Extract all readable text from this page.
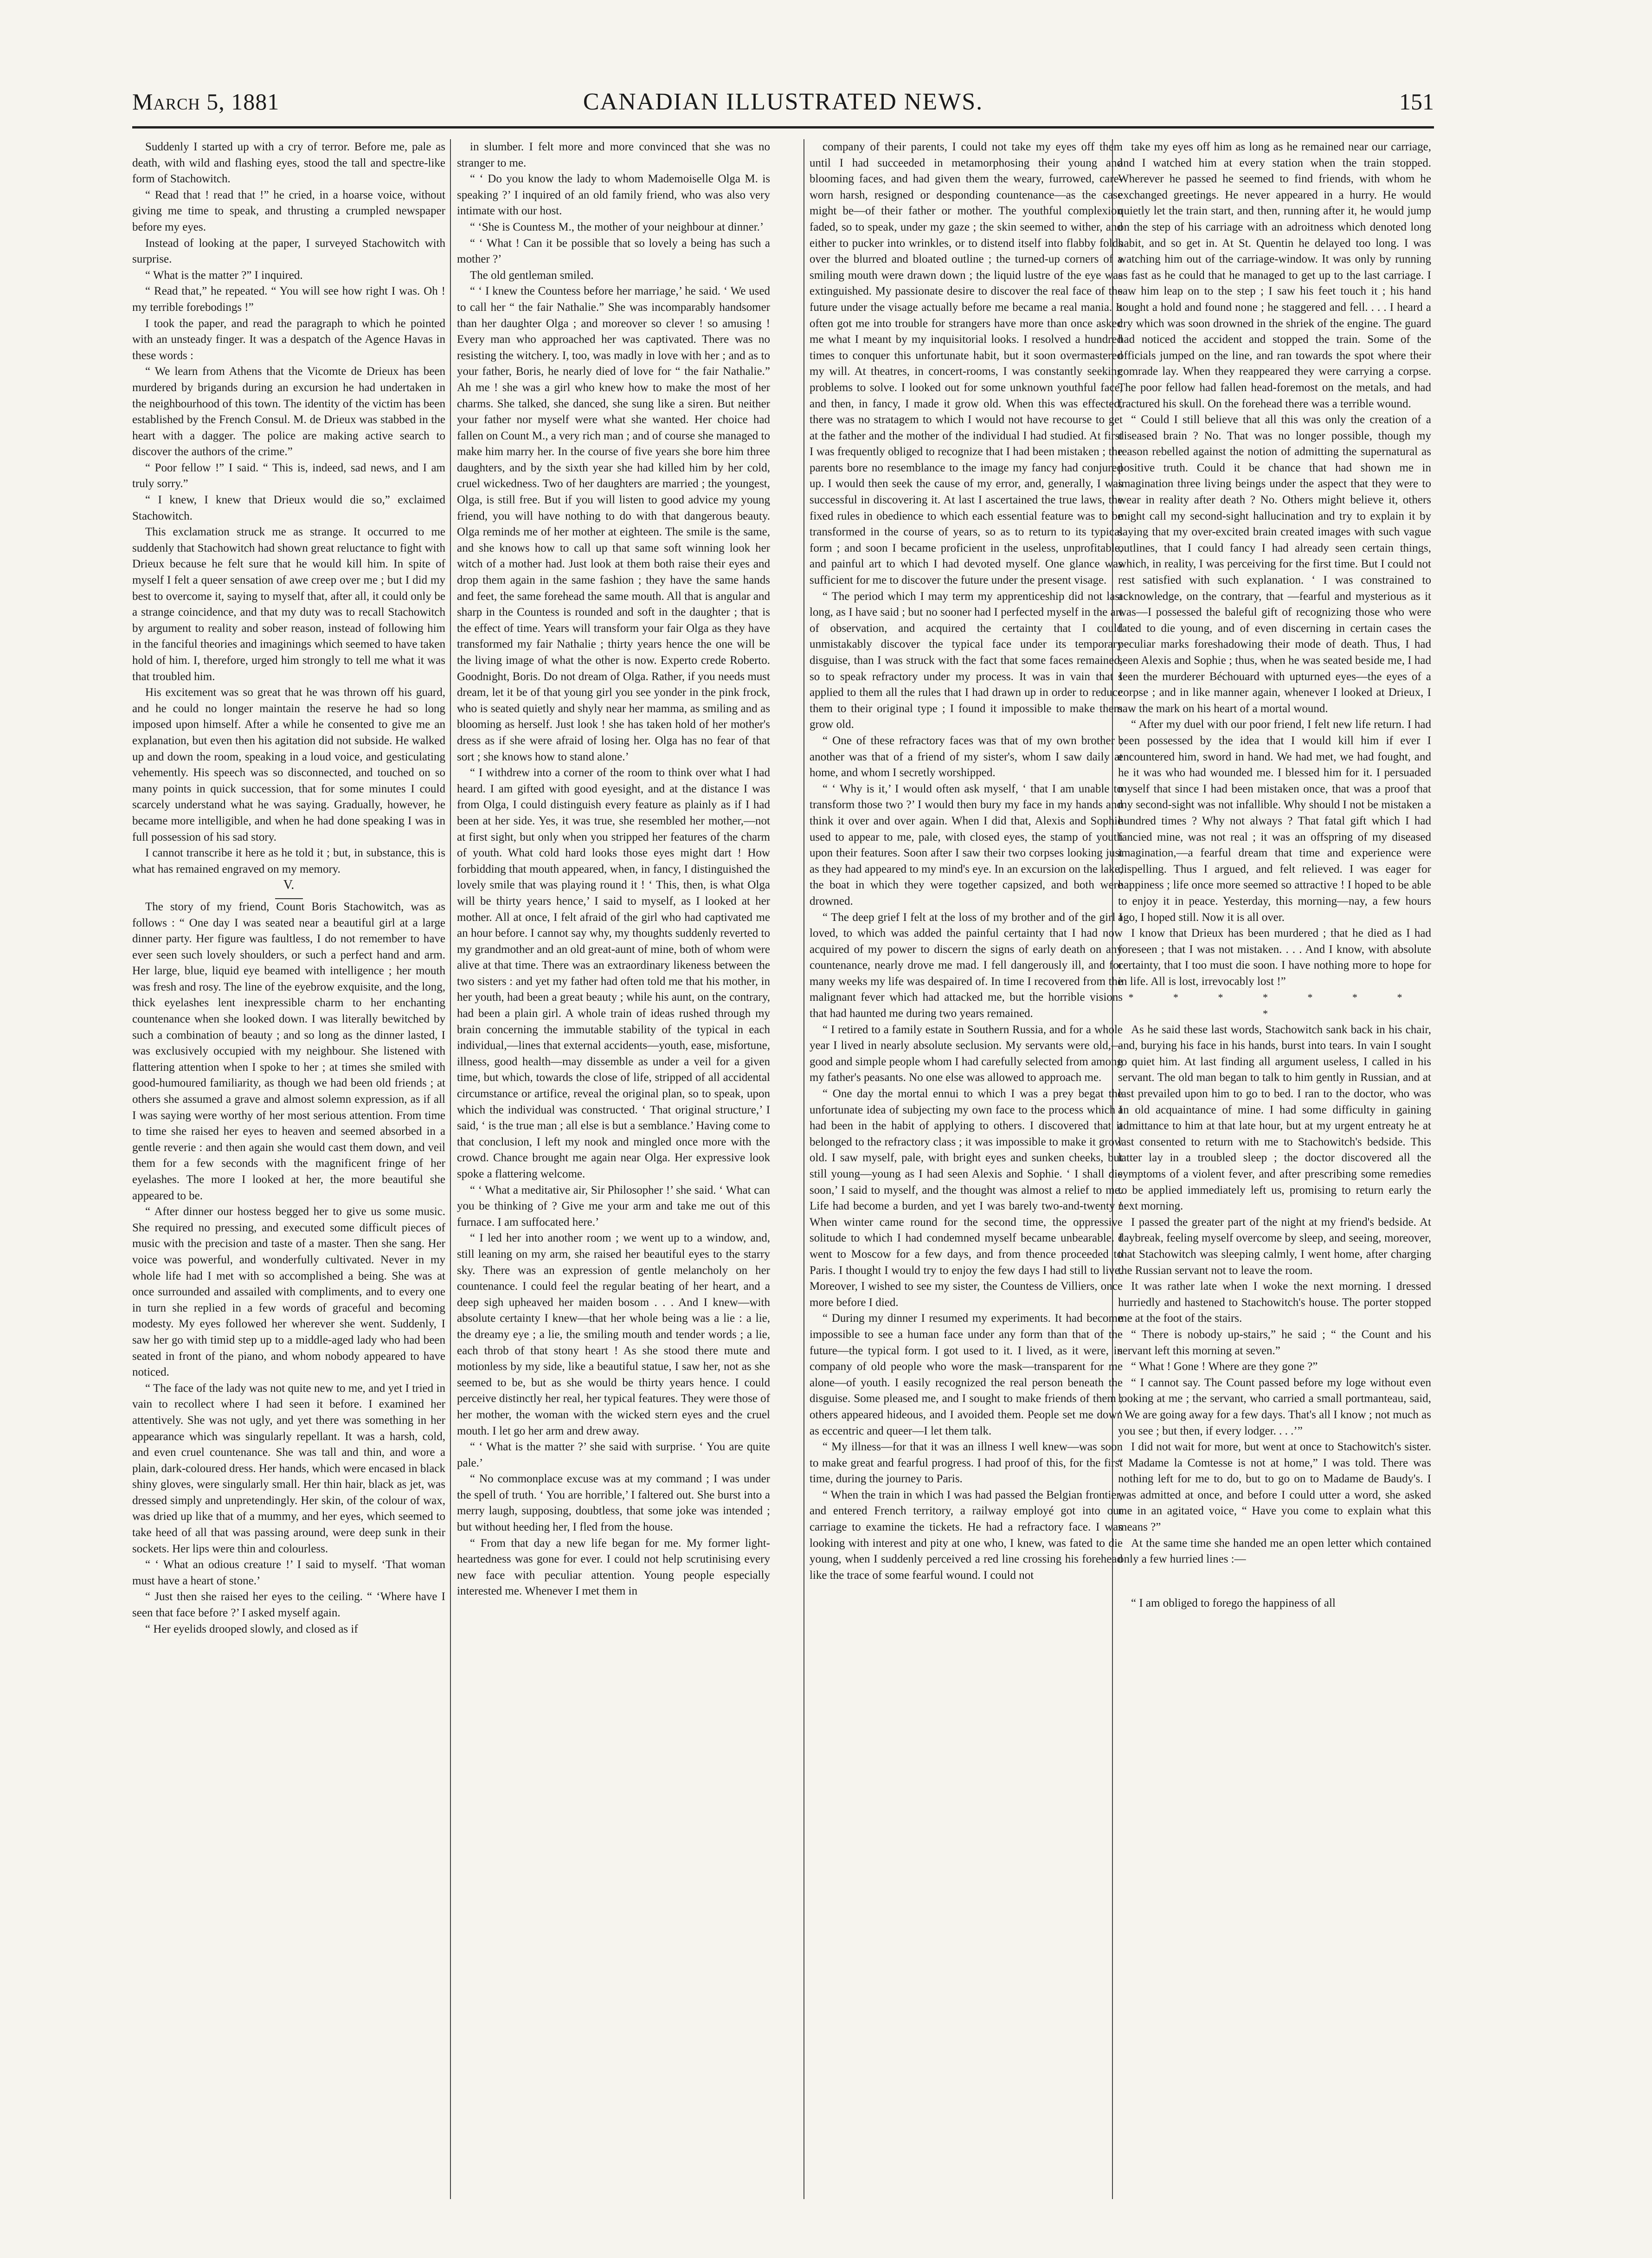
March 5, 1881	CANADIAN ILLUSTRATED NEWS.	151

Suddenly I started up with a cry of terror. Before me, pale as death, with wild and flashing eyes, stood the tall and spectre-like form of Stachowitch.

“ Read that ! read that !” he cried, in a hoarse voice, without giving me time to speak, and thrusting a crumpled newspaper before my eyes.

Instead of looking at the paper, I surveyed Stachowitch with surprise.

“ What is the matter ?” I inquired.

“ Read that,” he repeated. “ You will see how right I was. Oh ! my terrible forebodings !”

I took the paper, and read the paragraph to which he pointed with an unsteady finger. It was a despatch of the Agence Havas in these words :

“ We learn from Athens that the Vicomte de Drieux has been murdered by brigands during an excursion he had undertaken in the neighbourhood of this town. The identity of the victim has been established by the French Consul. M. de Drieux was stabbed in the heart with a dagger. The police are making active search to discover the authors of the crime.”

“ Poor fellow !” I said. “ This is, indeed, sad news, and I am truly sorry.”

“ I knew, I knew that Drieux would die so,” exclaimed Stachowitch.

This exclamation struck me as strange. It occurred to me suddenly that Stachowitch had shown great reluctance to fight with Drieux because he felt sure that he would kill him. In spite of myself I felt a queer sensation of awe creep over me ; but I did my best to overcome it, saying to myself that, after all, it could only be a strange coincidence, and that my duty was to recall Stachowitch by argument to reality and sober reason, instead of following him in the fanciful theories and imaginings which seemed to have taken hold of him. I, therefore, urged him strongly to tell me what it was that troubled him.

His excitement was so great that he was thrown off his guard, and he could no longer maintain the reserve he had so long imposed upon himself. After a while he consented to give me an explanation, but even then his agitation did not subside. He walked up and down the room, speaking in a loud voice, and gesticulating vehemently. His speech was so disconnected, and touched on so many points in quick succession, that for some minutes I could scarcely understand what he was saying. Gradually, however, he became more intelligible, and when he had done speaking I was in full possession of his sad story.

I cannot transcribe it here as he told it ; but, in substance, this is what has remained engraved on my memory.

V.

The story of my friend, Count Boris Stachowitch, was as follows : “ One day I was seated near a beautiful girl at a large dinner party. Her figure was faultless, I do not remember to have ever seen such lovely shoulders, or such a perfect hand and arm. Her large, blue, liquid eye beamed with intelligence ; her mouth was fresh and rosy. The line of the eyebrow exquisite, and the long, thick eyelashes lent inexpressible charm to her enchanting countenance when she looked down. I was literally bewitched by such a combination of beauty ; and so long as the dinner lasted, I was exclusively occupied with my neighbour. She listened with flattering attention when I spoke to her ; at times she smiled with good-humoured familiarity, as though we had been old friends ; at others she assumed a grave and almost solemn expression, as if all I was saying were worthy of her most serious attention. From time to time she raised her eyes to heaven and seemed absorbed in a gentle reverie : and then again she would cast them down, and veil them for a few seconds with the magnificent fringe of her eyelashes. The more I looked at her, the more beautiful she appeared to be.

“ After dinner our hostess begged her to give us some music. She required no pressing, and executed some difficult pieces of music with the precision and taste of a master. Then she sang. Her voice was powerful, and wonderfully cultivated. Never in my whole life had I met with so accomplished a being. She was at once surrounded and assailed with compliments, and to every one in turn she replied in a few words of graceful and becoming modesty. My eyes followed her wherever she went. Suddenly, I saw her go with timid step up to a middle-aged lady who had been seated in front of the piano, and whom nobody appeared to have noticed.

“ The face of the lady was not quite new to me, and yet I tried in vain to recollect where I had seen it before. I examined her attentively. She was not ugly, and yet there was something in her appearance which was singularly repellant. It was a harsh, cold, and even cruel countenance. She was tall and thin, and wore a plain, dark-coloured dress. Her hands, which were encased in black shiny gloves, were singularly small. Her thin hair, black as jet, was dressed simply and unpretendingly. Her skin, of the colour of wax, was dried up like that of a mummy, and her eyes, which seemed to take heed of all that was passing around, were deep sunk in their sockets. Her lips were thin and colourless.

“ ‘ What an odious creature !’ I said to myself. ‘That woman must have a heart of stone.’

“ Just then she raised her eyes to the ceiling. “ ‘Where have I seen that face before ?’ I asked myself again.

“ Her eyelids drooped slowly, and closed as if

in slumber. I felt more and more convinced that she was no stranger to me.

“ ‘ Do you know the lady to whom Mademoiselle Olga M. is speaking ?’ I inquired of an old family friend, who was also very intimate with our host.

“ ‘She is Countess M., the mother of your neighbour at dinner.’

“ ‘ What ! Can it be possible that so lovely a being has such a mother ?’

The old gentleman smiled.

“ ‘ I knew the Countess before her marriage,’ he said. ‘ We used to call her “ the fair Nathalie.” She was incomparably handsomer than her daughter Olga ; and moreover so clever ! so amusing ! Every man who approached her was captivated. There was no resisting the witchery. I, too, was madly in love with her ; and as to your father, Boris, he nearly died of love for “ the fair Nathalie.” Ah me ! she was a girl who knew how to make the most of her charms. She talked, she danced, she sung like a siren. But neither your father nor myself were what she wanted. Her choice had fallen on Count M., a very rich man ; and of course she managed to make him marry her. In the course of five years she bore him three daughters, and by the sixth year she had killed him by her cold, cruel wickedness. Two of her daughters are married ; the youngest, Olga, is still free. But if you will listen to good advice my young friend, you will have nothing to do with that dangerous beauty. Olga reminds me of her mother at eighteen. The smile is the same, and she knows how to call up that same soft winning look her witch of a mother had. Just look at them both raise their eyes and drop them again in the same fashion ; they have the same hands and feet, the same forehead the same mouth. All that is angular and sharp in the Countess is rounded and soft in the daughter ; that is the effect of time. Years will transform your fair Olga as they have transformed my fair Nathalie ; thirty years hence the one will be the living image of what the other is now. Experto crede Roberto. Goodnight, Boris. Do not dream of Olga. Rather, if you needs must dream, let it be of that young girl you see yonder in the pink frock, who is seated quietly and shyly near her mamma, as smiling and as blooming as herself. Just look ! she has taken hold of her mother's dress as if she were afraid of losing her. Olga has no fear of that sort ; she knows how to stand alone.’

“ I withdrew into a corner of the room to think over what I had heard. I am gifted with good eyesight, and at the distance I was from Olga, I could distinguish every feature as plainly as if I had been at her side. Yes, it was true, she resembled her mother,—not at first sight, but only when you stripped her features of the charm of youth. What cold hard looks those eyes might dart ! How forbidding that mouth appeared, when, in fancy, I distinguished the lovely smile that was playing round it ! ‘ This, then, is what Olga will be thirty years hence,’ I said to myself, as I looked at her mother. All at once, I felt afraid of the girl who had captivated me an hour before. I cannot say why, my thoughts suddenly reverted to my grandmother and an old great-aunt of mine, both of whom were alive at that time. There was an extraordinary likeness between the two sisters : and yet my father had often told me that his mother, in her youth, had been a great beauty ; while his aunt, on the contrary, had been a plain girl. A whole train of ideas rushed through my brain concerning the immutable stability of the typical in each individual,—lines that external accidents—youth, ease, misfortune, illness, good health—may dissemble as under a veil for a given time, but which, towards the close of life, stripped of all accidental circumstance or artifice, reveal the original plan, so to speak, upon which the individual was constructed. ‘ That original structure,’ I said, ‘ is the true man ; all else is but a semblance.’ Having come to that conclusion, I left my nook and mingled once more with the crowd. Chance brought me again near Olga. Her expressive look spoke a flattering welcome.

“ ‘ What a meditative air, Sir Philosopher !’ she said. ‘ What can you be thinking of ? Give me your arm and take me out of this furnace. I am suffocated here.’

“ I led her into another room ; we went up to a window, and, still leaning on my arm, she raised her beautiful eyes to the starry sky. There was an expression of gentle melancholy on her countenance. I could feel the regular beating of her heart, and a deep sigh upheaved her maiden bosom . . . And I knew—with absolute certainty I knew—that her whole being was a lie : a lie, the dreamy eye ; a lie, the smiling mouth and tender words ; a lie, each throb of that stony heart ! As she stood there mute and motionless by my side, like a beautiful statue, I saw her, not as she seemed to be, but as she would be thirty years hence. I could perceive distinctly her real, her typical features. They were those of her mother, the woman with the wicked stern eyes and the cruel mouth. I let go her arm and drew away.

“ ‘ What is the matter ?’ she said with surprise. ‘ You are quite pale.’

“ No commonplace excuse was at my command ; I was under the spell of truth. ‘ You are horrible,’ I faltered out. She burst into a merry laugh, supposing, doubtless, that some joke was intended ; but without heeding her, I fled from the house.

“ From that day a new life began for me. My former light-heartedness was gone for ever. I could not help scrutinising every new face with peculiar attention. Young people especially interested me. Whenever I met them in

company of their parents, I could not take my eyes off them until I had succeeded in metamorphosing their young and blooming faces, and had given them the weary, furrowed, care-worn harsh, resigned or desponding countenance—as the case might be—of their father or mother. The youthful complexion faded, so to speak, under my gaze ; the skin seemed to wither, and either to pucker into wrinkles, or to distend itself into flabby folds over the blurred and bloated outline ; the turned-up corners of a smiling mouth were drawn down ; the liquid lustre of the eye was extinguished. My passionate desire to discover the real face of the future under the visage actually before me became a real mania. It often got me into trouble for strangers have more than once asked me what I meant by my inquisitorial looks. I resolved a hundred times to conquer this unfortunate habit, but it soon overmastered my will. At theatres, in concert-rooms, I was constantly seeking problems to solve. I looked out for some unknown youthful face, and then, in fancy, I made it grow old. When this was effected, there was no stratagem to which I would not have recourse to get at the father and the mother of the individual I had studied. At first I was frequently obliged to recognize that I had been mistaken ; the parents bore no resemblance to the image my fancy had conjured up. I would then seek the cause of my error, and, generally, I was successful in discovering it. At last I ascertained the true laws, the fixed rules in obedience to which each essential feature was to be transformed in the course of years, so as to return to its typical form ; and soon I became proficient in the useless, unprofitable, and painful art to which I had devoted myself. One glance was sufficient for me to discover the future under the present visage.

“ The period which I may term my apprenticeship did not last long, as I have said ; but no sooner had I perfected myself in the art of observation, and acquired the certainty that I could unmistakably discover the typical face under its temporary disguise, than I was struck with the fact that some faces remained, so to speak refractory under my process. It was in vain that I applied to them all the rules that I had drawn up in order to reduce them to their original type ; I found it impossible to make them grow old.

“ One of these refractory faces was that of my own brother ; another was that of a friend of my sister's, whom I saw daily at home, and whom I secretly worshipped.

“ ‘ Why is it,’ I would often ask myself, ‘ that I am unable to transform those two ?’ I would then bury my face in my hands and think it over and over again. When I did that, Alexis and Sophie used to appear to me, pale, with closed eyes, the stamp of youth upon their features. Soon after I saw their two corpses looking just as they had appeared to my mind's eye. In an excursion on the lake, the boat in which they were together capsized, and both were drowned.

“ The deep grief I felt at the loss of my brother and of the girl I loved, to which was added the painful certainty that I had now acquired of my power to discern the signs of early death on any countenance, nearly drove me mad. I fell dangerously ill, and for many weeks my life was despaired of. In time I recovered from the malignant fever which had attacked me, but the horrible visions that had haunted me during two years remained.

“ I retired to a family estate in Southern Russia, and for a whole year I lived in nearly absolute seclusion. My servants were old,—good and simple people whom I had carefully selected from among my father's peasants. No one else was allowed to approach me.

“ One day the mortal ennui to which I was a prey begat the unfortunate idea of subjecting my own face to the process which I had been in the habit of applying to others. I discovered that it belonged to the refractory class ; it was impossible to make it grow old. I saw myself, pale, with bright eyes and sunken cheeks, but still young—young as I had seen Alexis and Sophie. ‘ I shall die soon,’ I said to myself, and the thought was almost a relief to me. Life had become a burden, and yet I was barely two-and-twenty ! When winter came round for the second time, the oppressive solitude to which I had condemned myself became unbearable. I went to Moscow for a few days, and from thence proceeded to Paris. I thought I would try to enjoy the few days I had still to live. Moreover, I wished to see my sister, the Countess de Villiers, once more before I died.

“ During my dinner I resumed my experiments. It had become impossible to see a human face under any form than that of the future—the typical form. I got used to it. I lived, as it were, in company of old people who wore the mask—transparent for me alone—of youth. I easily recognized the real person beneath the disguise. Some pleased me, and I sought to make friends of them ; others appeared hideous, and I avoided them. People set me down as eccentric and queer—I let them talk.

“ My illness—for that it was an illness I well knew—was soon to make great and fearful progress. I had proof of this, for the first time, during the journey to Paris.

“ When the train in which I was had passed the Belgian frontier, and entered French territory, a railway employé got into our carriage to examine the tickets. He had a refractory face. I was looking with interest and pity at one who, I knew, was fated to die young, when I suddenly perceived a red line crossing his forehead like the trace of some fearful wound. I could not

take my eyes off him as long as he remained near our carriage, and I watched him at every station when the train stopped. Wherever he passed he seemed to find friends, with whom he exchanged greetings. He never appeared in a hurry. He would quietly let the train start, and then, running after it, he would jump on the step of his carriage with an adroitness which denoted long habit, and so get in. At St. Quentin he delayed too long. I was watching him out of the carriage-window. It was only by running as fast as he could that he managed to get up to the last carriage. I saw him leap on to the step ; I saw his feet touch it ; his hand sought a hold and found none ; he staggered and fell. . . . I heard a cry which was soon drowned in the shriek of the engine. The guard had noticed the accident and stopped the train. Some of the officials jumped on the line, and ran towards the spot where their comrade lay. When they reappeared they were carrying a corpse. The poor fellow had fallen head-foremost on the metals, and had fractured his skull. On the forehead there was a terrible wound.

“ Could I still believe that all this was only the creation of a diseased brain ? No. That was no longer possible, though my reason rebelled against the notion of admitting the supernatural as positive truth. Could it be chance that had shown me in imagination three living beings under the aspect that they were to wear in reality after death ? No. Others might believe it, others might call my second-sight hallucination and try to explain it by saying that my over-excited brain created images with such vague outlines, that I could fancy I had already seen certain things, which, in reality, I was perceiving for the first time. But I could not rest satisfied with such explanation. ‘ I was constrained to acknowledge, on the contrary, that —fearful and mysterious as it was—I possessed the baleful gift of recognizing those who were fated to die young, and of even discerning in certain cases the peculiar marks foreshadowing their mode of death. Thus, I had seen Alexis and Sophie ; thus, when he was seated beside me, I had seen the murderer Béchouard with upturned eyes—the eyes of a corpse ; and in like manner again, whenever I looked at Drieux, I saw the mark on his heart of a mortal wound.

“ After my duel with our poor friend, I felt new life return. I had been possessed by the idea that I would kill him if ever I encountered him, sword in hand. We had met, we had fought, and he it was who had wounded me. I blessed him for it. I persuaded myself that since I had been mistaken once, that was a proof that my second-sight was not infallible. Why should I not be mistaken a hundred times ? Why not always ? That fatal gift which I had fancied mine, was not real ; it was an offspring of my diseased imagination,—a fearful dream that time and experience were dispelling. Thus I argued, and felt relieved. I was eager for happiness ; life once more seemed so attractive ! I hoped to be able to enjoy it in peace. Yesterday, this morning—nay, a few hours ago, I hoped still. Now it is all over.

I know that Drieux has been murdered ; that he died as I had foreseen ; that I was not mistaken. . . . And I know, with absolute certainty, that I too must die soon. I have nothing more to hope for in life. All is lost, irrevocably lost !”

* * * * * * * *

As he said these last words, Stachowitch sank back in his chair, and, burying his face in his hands, burst into tears. In vain I sought to quiet him. At last finding all argument useless, I called in his servant. The old man began to talk to him gently in Russian, and at last prevailed upon him to go to bed. I ran to the doctor, who was an old acquaintance of mine. I had some difficulty in gaining admittance to him at that late hour, but at my urgent entreaty he at last consented to return with me to Stachowitch's bedside. This latter lay in a troubled sleep ; the doctor discovered all the symptoms of a violent fever, and after prescribing some remedies to be applied immediately left us, promising to return early the next morning.

I passed the greater part of the night at my friend's bedside. At daybreak, feeling myself overcome by sleep, and seeing, moreover, that Stachowitch was sleeping calmly, I went home, after charging the Russian servant not to leave the room.

It was rather late when I woke the next morning. I dressed hurriedly and hastened to Stachowitch's house. The porter stopped me at the foot of the stairs.

“ There is nobody up-stairs,” he said ; “ the Count and his servant left this morning at seven.”

“ What ! Gone ! Where are they gone ?”

“ I cannot say. The Count passed before my loge without even looking at me ; the servant, who carried a small portmanteau, said, ‘ We are going away for a few days. That's all I know ; not much as you see ; but then, if every lodger. . . .’”

I did not wait for more, but went at once to Stachowitch's sister. “ Madame la Comtesse is not at home,” I was told. There was nothing left for me to do, but to go on to Madame de Baudy's. I was admitted at once, and before I could utter a word, she asked me in an agitated voice, “ Have you come to explain what this means ?”

At the same time she handed me an open letter which contained only a few hurried lines :—

“ I am obliged to forego the happiness of all
